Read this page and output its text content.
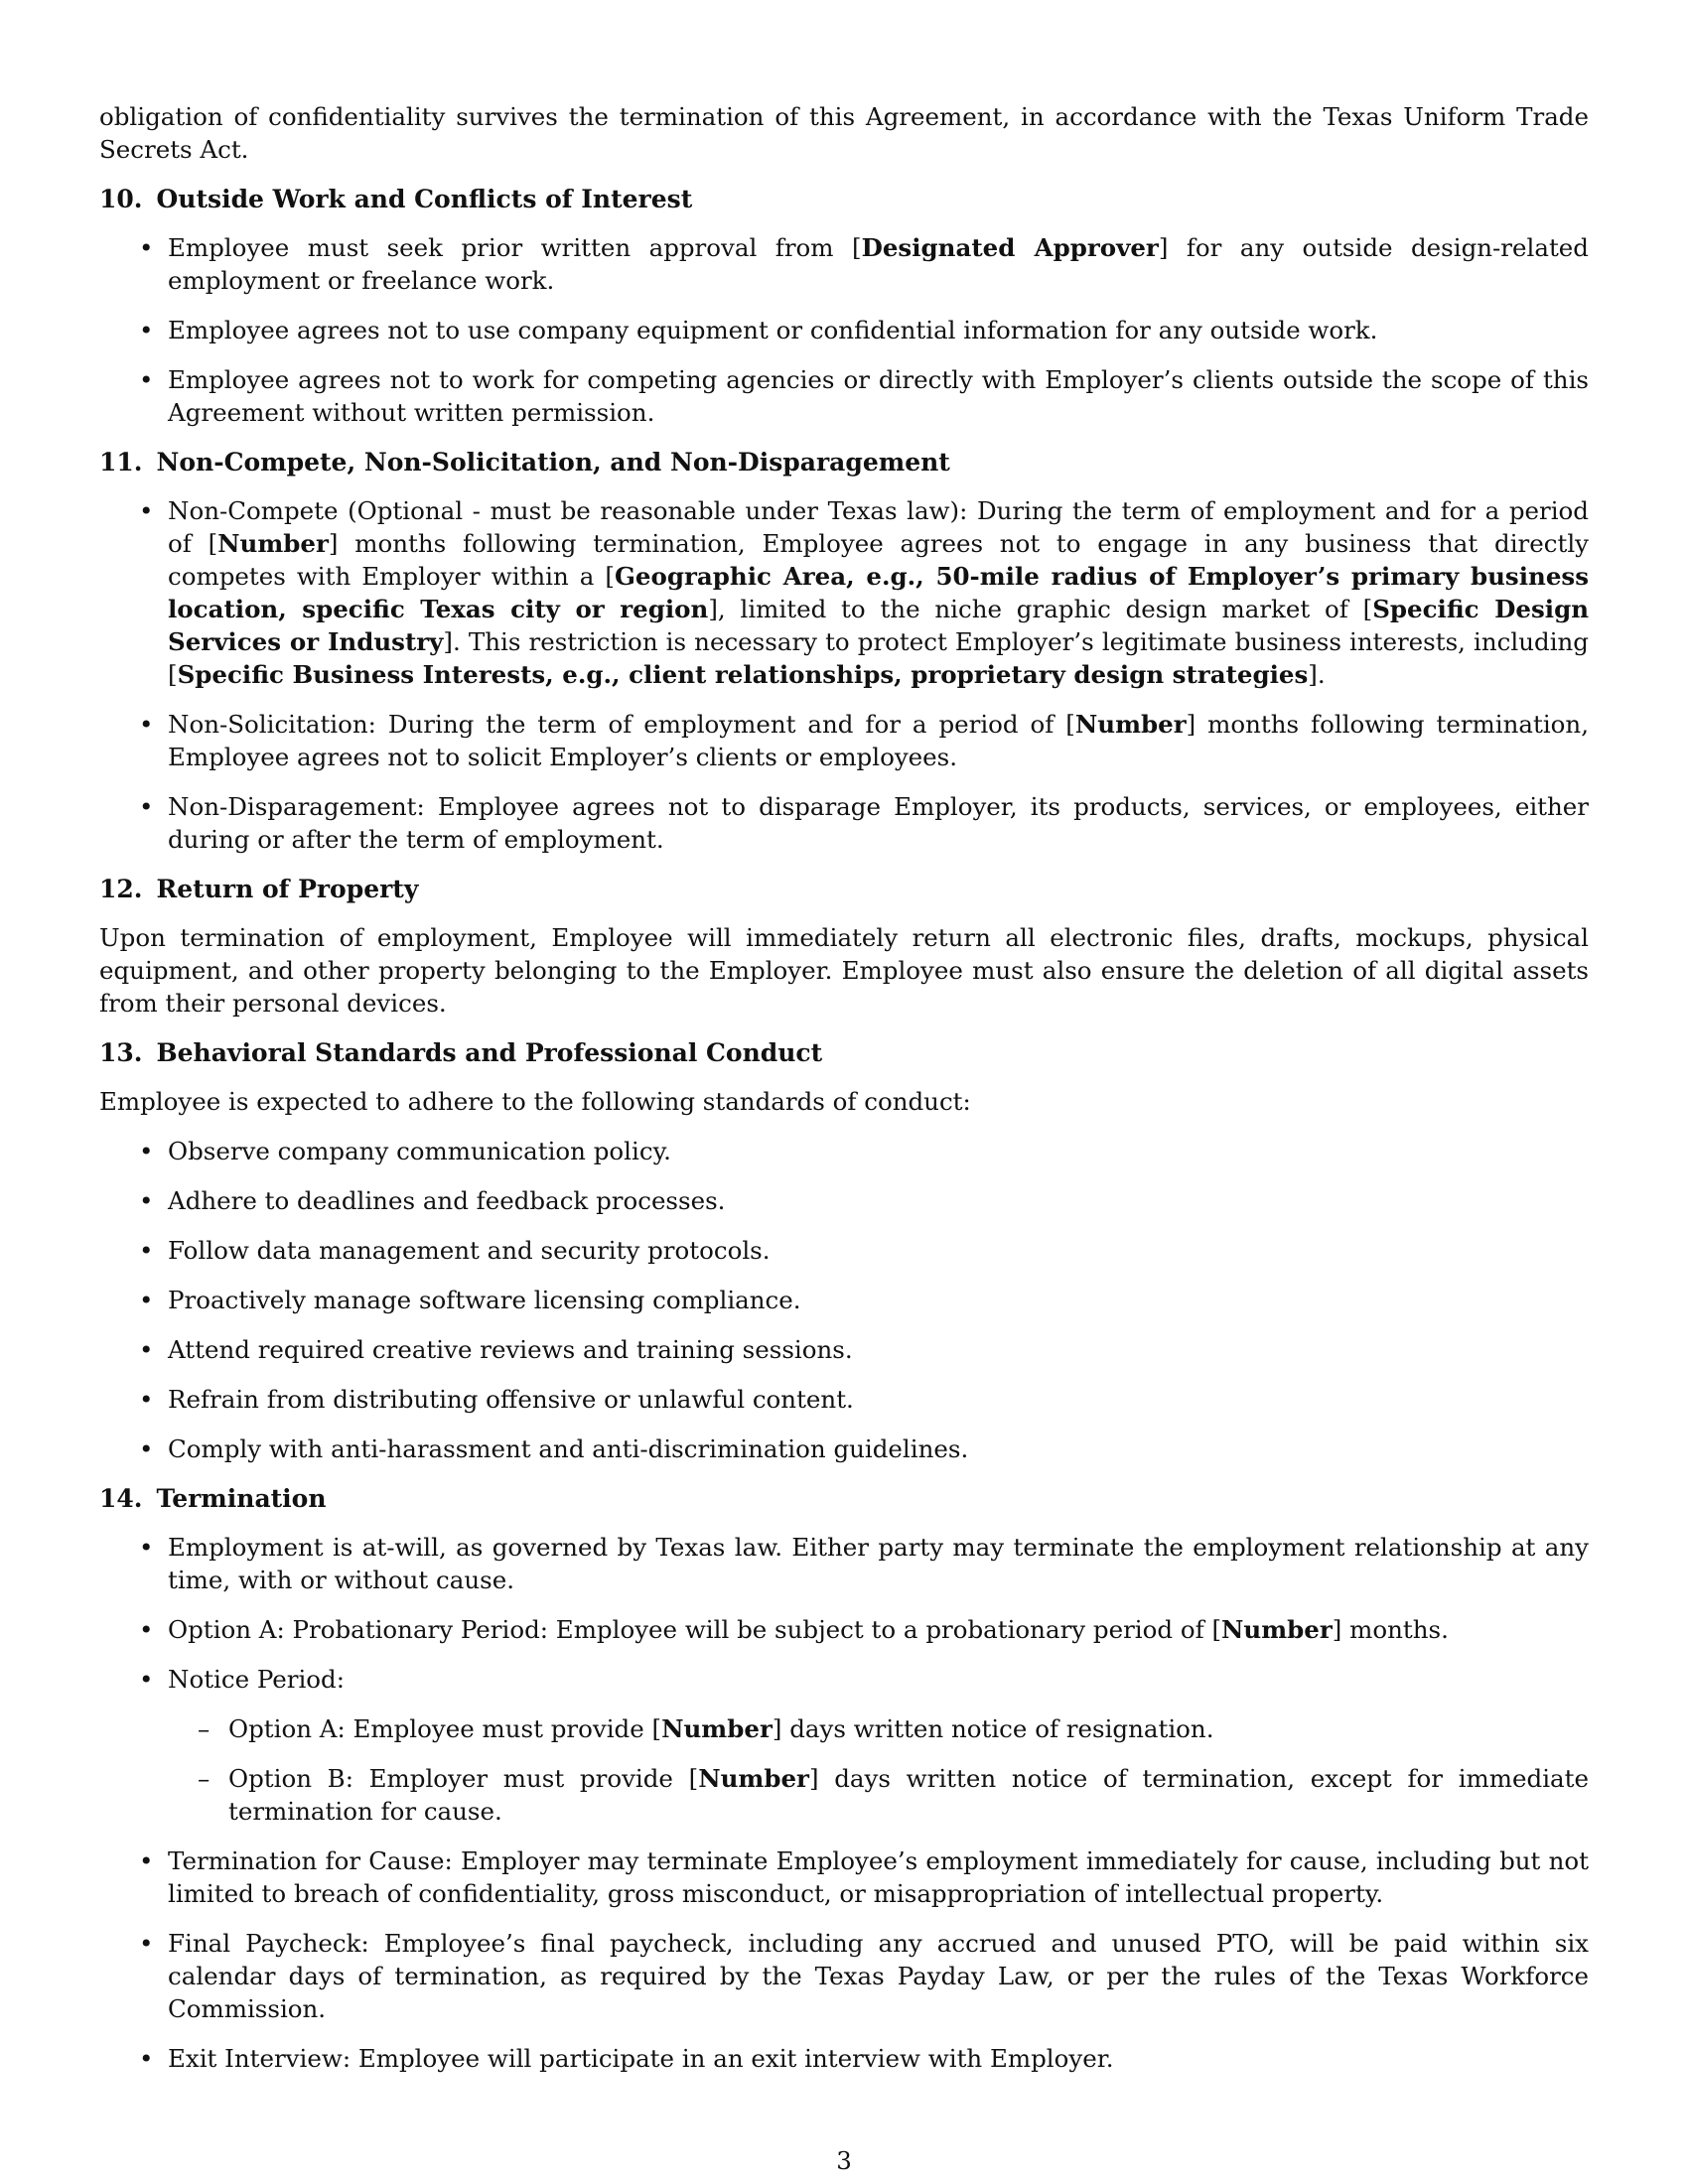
obligation of confidentiality survives the termination of this Agreement, in accordance with the Texas Uniform Trade Secrets Act.

10. Outside Work and Conflicts of Interest
• Employee must seek prior written approval from [Designated Approver] for any outside design-related employment or freelance work.
• Employee agrees not to use company equipment or confidential information for any outside work.
• Employee agrees not to work for competing agencies or directly with Employer’s clients outside the scope of this Agreement without written permission.
11. Non-Compete, Non-Solicitation, and Non-Disparagement
• Non-Compete (Optional - must be reasonable under Texas law): During the term of employment and for a period of [Number] months following termination, Employee agrees not to engage in any business that directly competes with Employer within a [Geographic Area, e.g., 50-mile radius of Employer’s primary business location, specific Texas city or region], limited to the niche graphic design market of [Specific Design Services or Industry]. This restriction is necessary to protect Employer’s legitimate business interests, including [Specific Business Interests, e.g., client relationships, proprietary design strategies].
• Non-Solicitation: During the term of employment and for a period of [Number] months following termination, Employee agrees not to solicit Employer’s clients or employees.
• Non-Disparagement: Employee agrees not to disparage Employer, its products, services, or employees, either during or after the term of employment.
12. Return of Property

Upon termination of employment, Employee will immediately return all electronic files, drafts, mockups, physical equipment, and other property belonging to the Employer. Employee must also ensure the deletion of all digital assets from their personal devices.

13. Behavioral Standards and Professional Conduct

Employee is expected to adhere to the following standards of conduct:

• Observe company communication policy.
• Adhere to deadlines and feedback processes.
• Follow data management and security protocols.
• Proactively manage software licensing compliance.
• Attend required creative reviews and training sessions.
• Refrain from distributing offensive or unlawful content.
• Comply with anti-harassment and anti-discrimination guidelines.
14. Termination
• Employment is at-will, as governed by Texas law. Either party may terminate the employment relationship at any time, with or without cause.
• Option A: Probationary Period: Employee will be subject to a probationary period of [Number] months.
• Notice Period:
– Option A: Employee must provide [Number] days written notice of resignation.
– Option B: Employer must provide [Number] days written notice of termination, except for immediate termination for cause.
• Termination for Cause: Employer may terminate Employee’s employment immediately for cause, including but not limited to breach of confidentiality, gross misconduct, or misappropriation of intellectual property.
• Final Paycheck: Employee’s final paycheck, including any accrued and unused PTO, will be paid within six calendar days of termination, as required by the Texas Payday Law, or per the rules of the Texas Workforce Commission.
• Exit Interview: Employee will participate in an exit interview with Employer.
3
